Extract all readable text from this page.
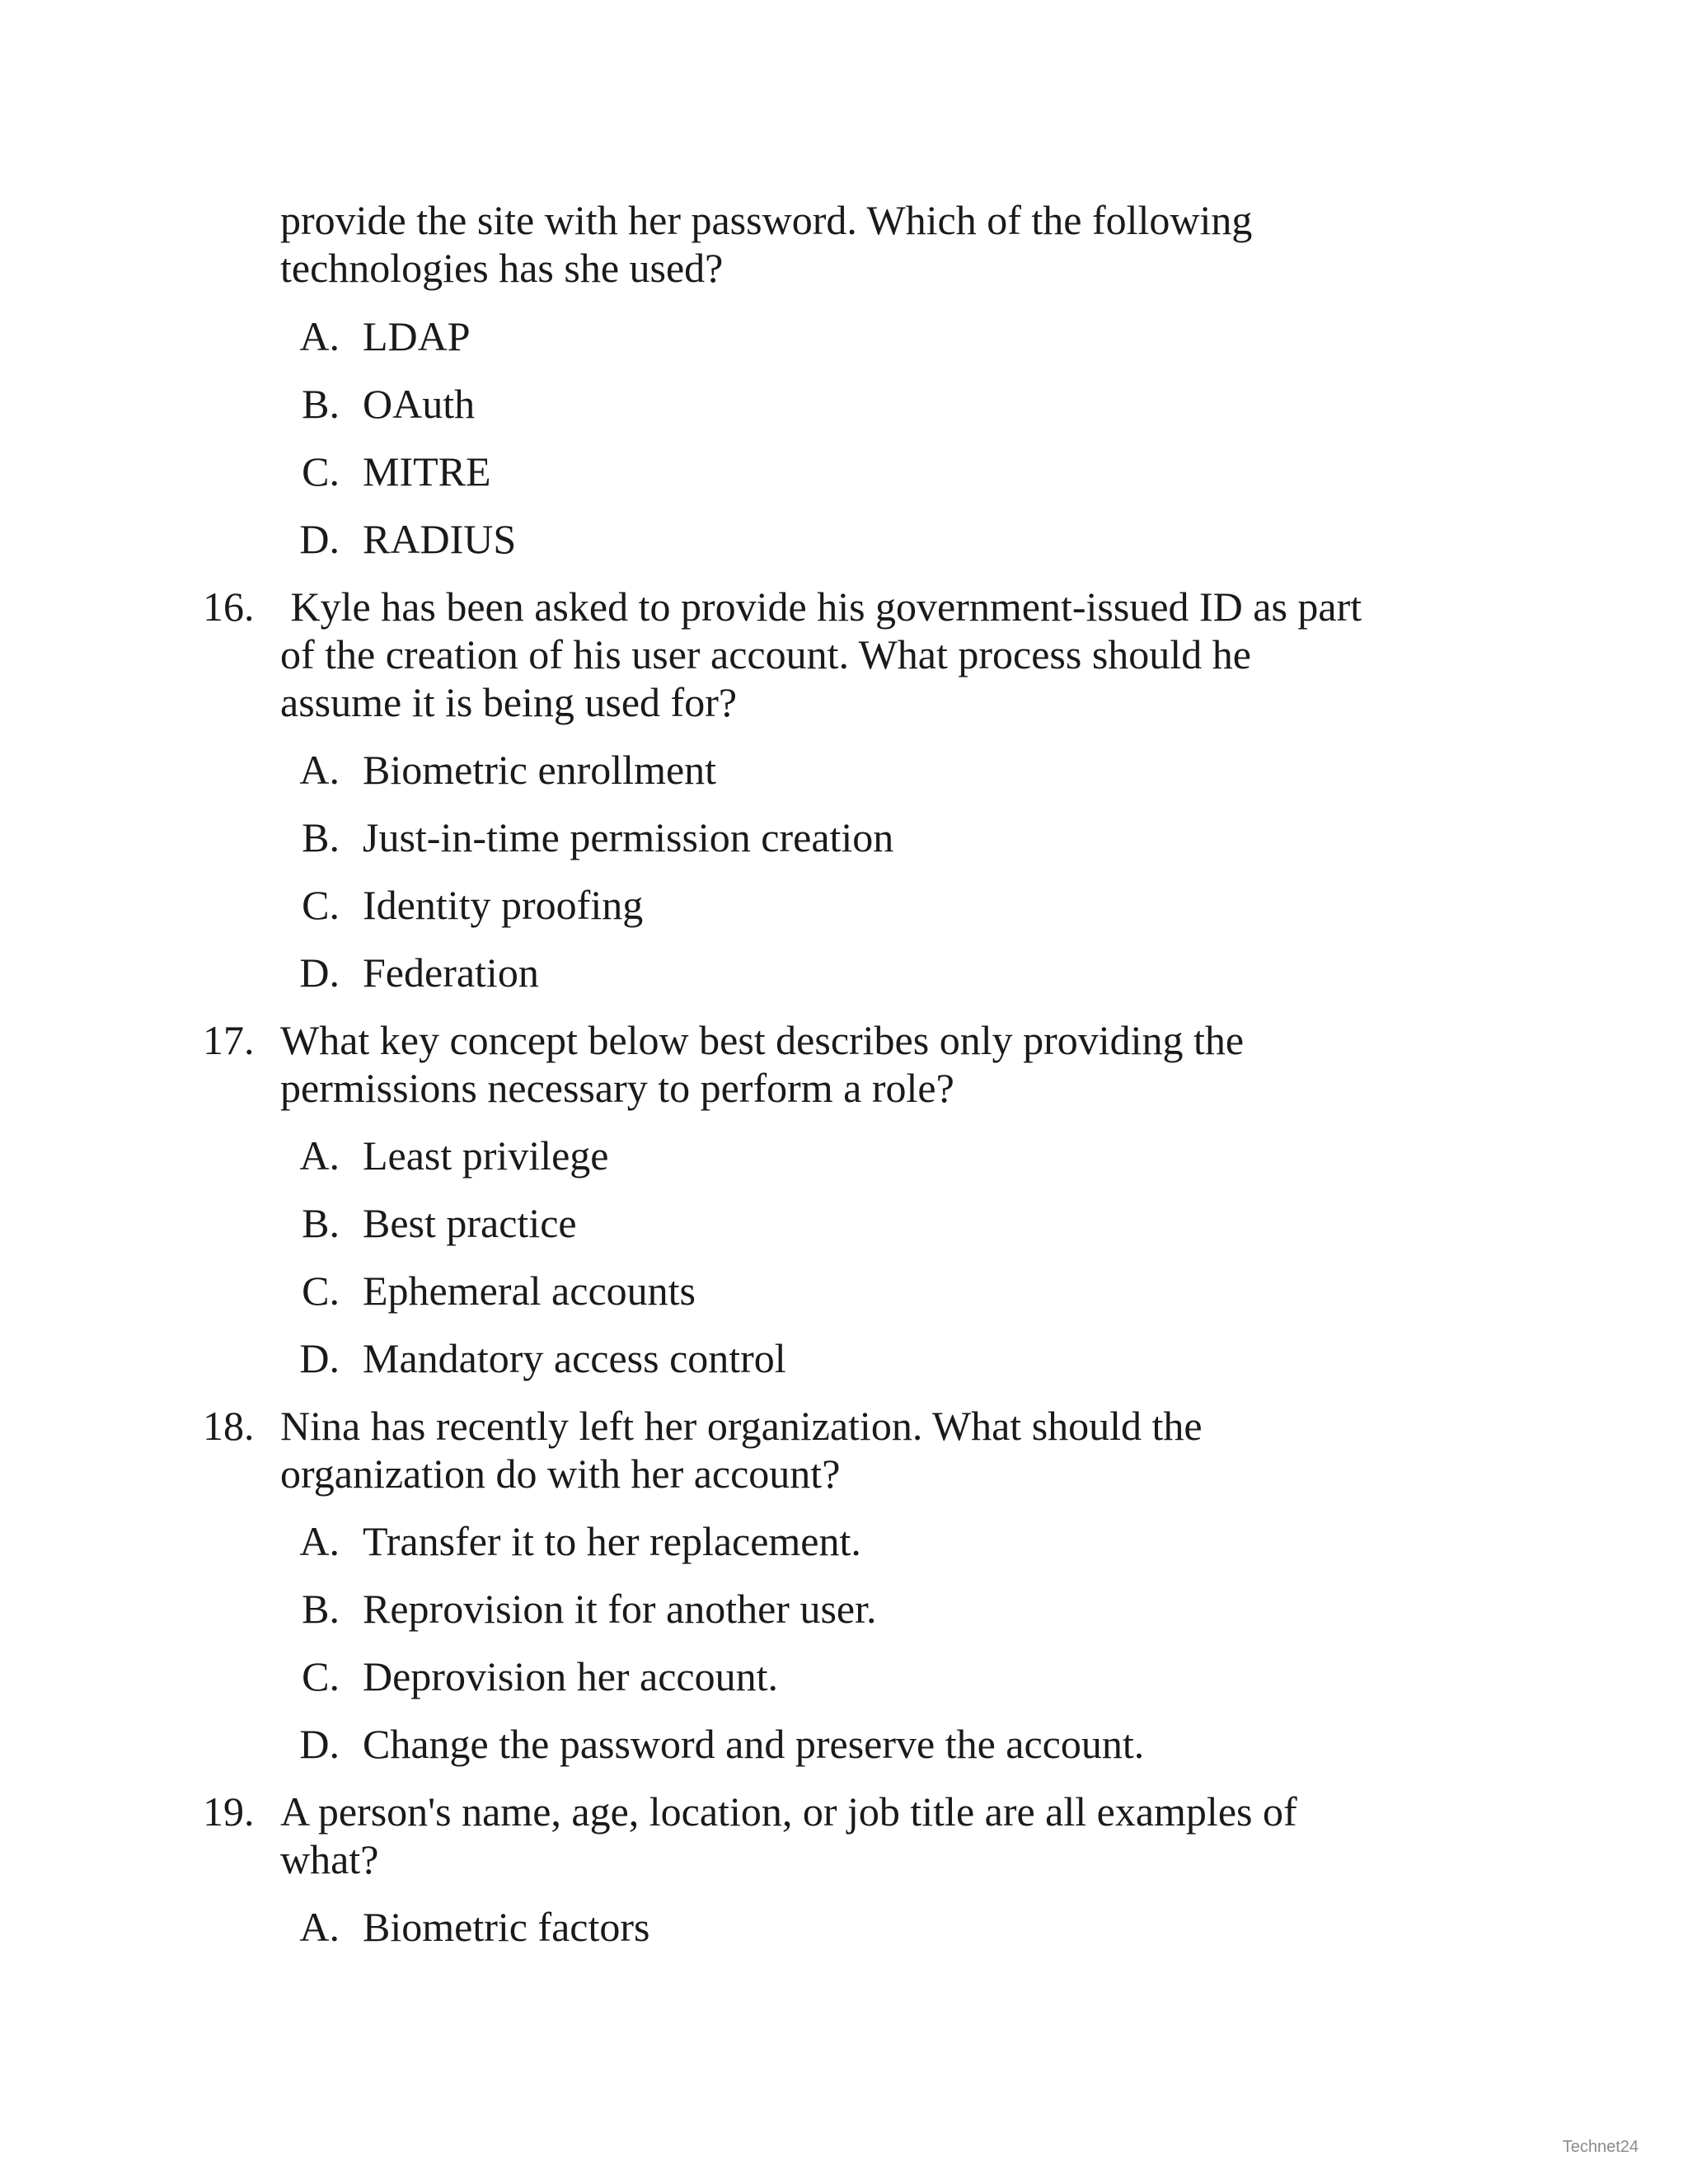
provide the site with her password. Which of the following
technologies has she used?
A. LDAP
B. OAuth
C. MITRE
D. RADIUS
16. Kyle has been asked to provide his government-issued ID as part
of the creation of his user account. What process should he
assume it is being used for?
A. Biometric enrollment
B. Just-in-time permission creation
C. Identity proofing
D. Federation
17. What key concept below best describes only providing the
permissions necessary to perform a role?
A. Least privilege
B. Best practice
C. Ephemeral accounts
D. Mandatory access control
18. Nina has recently left her organization. What should the
organization do with her account?
A. Transfer it to her replacement.
B. Reprovision it for another user.
C. Deprovision her account.
D. Change the password and preserve the account.
19. A person's name, age, location, or job title are all examples of
what?
A. Biometric factors
Technet24
